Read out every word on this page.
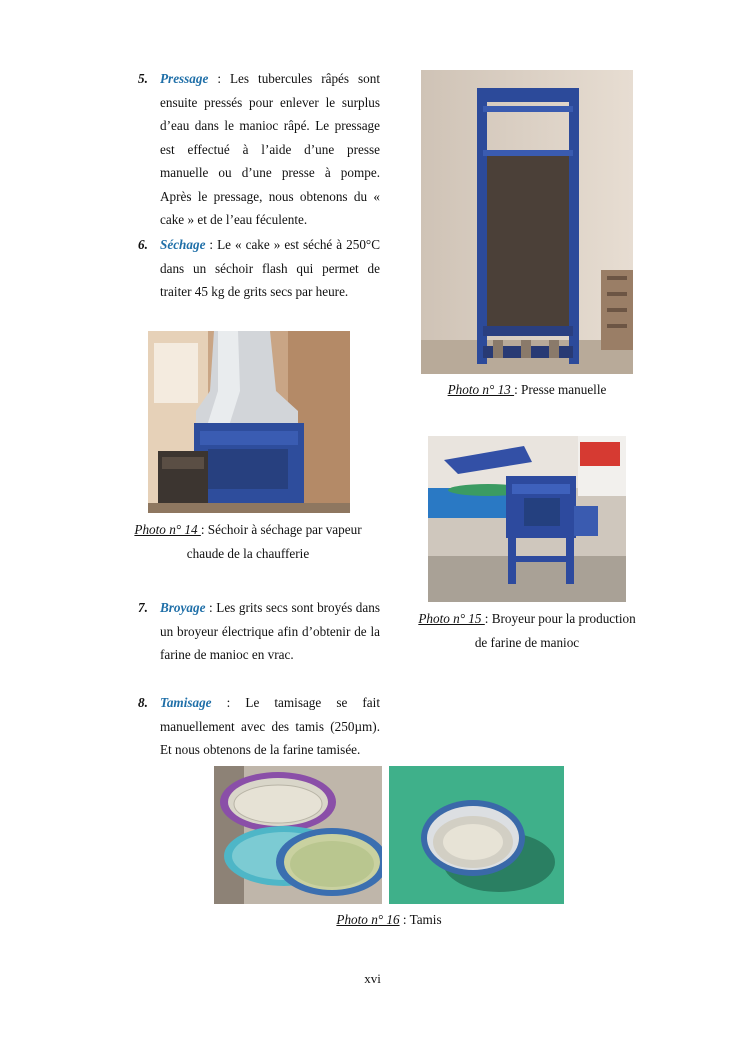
5. Pressage : Les tubercules râpés sont ensuite pressés pour enlever le surplus d’eau dans le manioc râpé. Le pressage est effectué à l’aide d’une presse manuelle ou d’une presse à pompe. Après le pressage, nous obtenons du « cake » et de l’eau féculente.
6. Séchage : Le « cake » est séché à 250°C dans un séchoir flash qui permet de traiter 45 kg de grits secs par heure.
Photo n° 13 : Presse manuelle
Photo n° 14 : Séchoir à séchage par vapeur
chaude de la chaufferie
Photo n° 15 : Broyeur pour la production
de farine de manioc
7. Broyage : Les grits secs sont broyés dans un broyeur électrique afin d’obtenir de la farine de manioc en vrac.
8. Tamisage : Le tamisage se fait manuellement avec des tamis (250µm). Et nous obtenons de la farine tamisée.
Photo n° 16 : Tamis
xvi
